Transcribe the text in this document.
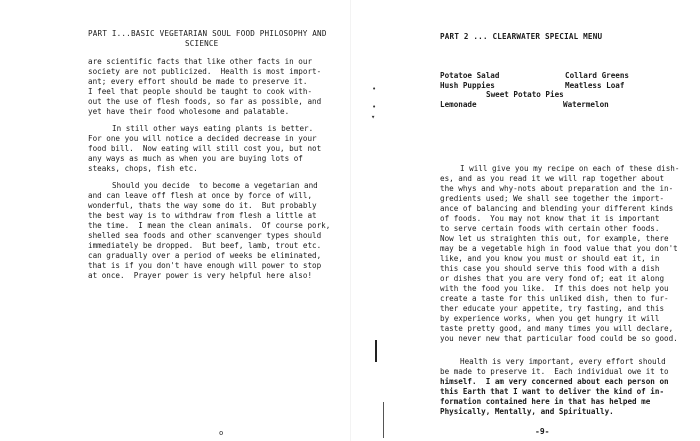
PART I...BASIC VEGETARIAN SOUL FOOD PHILOSOPHY AND
SCIENCE
are scientific facts that like other facts in our
society are not publicized.  Health is most import-
ant; every effort should be made to preserve it.
I feel that people should be taught to cook with-
out the use of flesh foods, so far as possible, and
yet have their food wholesome and palatable.
In still other ways eating plants is better.
For one you will notice a decided decrease in your
food bill.  Now eating will still cost you, but not
any ways as much as when you are buying lots of
steaks, chops, fish etc.
Should you decide  to become a vegetarian and
and can leave off flesh at once by force of will,
wonderful, thats the way some do it.  But probably
the best way is to withdraw from flesh a little at
the time.  I mean the clean animals.  Of course pork,
shelled sea foods and other scanvenger types should
immediately be dropped.  But beef, lamb, trout etc.
can gradually over a period of weeks be eliminated,
that is if you don't have enough will power to stop
at once.  Prayer power is very helpful here also!
o
•
•
▾
PART 2 ... CLEARWATER SPECIAL MENU
Potatoe Salad	Collard Greens
Hush Puppies	Meatless Loaf
Sweet Potato Pies
Lemonade	Watermelon
I will give you my recipe on each of these dish-
es, and as you read it we will rap together about
the whys and why-nots about preparation and the in-
gredients used; We shall see together the import-
ance of balancing and blending your different kinds
of foods.  You may not know that it is important
to serve certain foods with certain other foods.
Now let us straighten this out, for example, there
may be a vegetable high in food value that you don't
like, and you know you must or should eat it, in
this case you should serve this food with a dish
or dishes that you are very fond of; eat it along
with the food you like.  If this does not help you
create a taste for this unliked dish, then to fur-
ther educate your appetite, try fasting, and this
by experience works, when you get hungry it will
taste pretty good, and many times you will declare,
you never new that particular food could be so good.
Health is very important, every effort should
be made to preserve it.  Each individual owe it to
himself.  I am very concerned about each person on
this Earth that I want to deliver the kind of in-
formation contained here in that has helped me
Physically, Mentally, and Spiritually.
-9-
